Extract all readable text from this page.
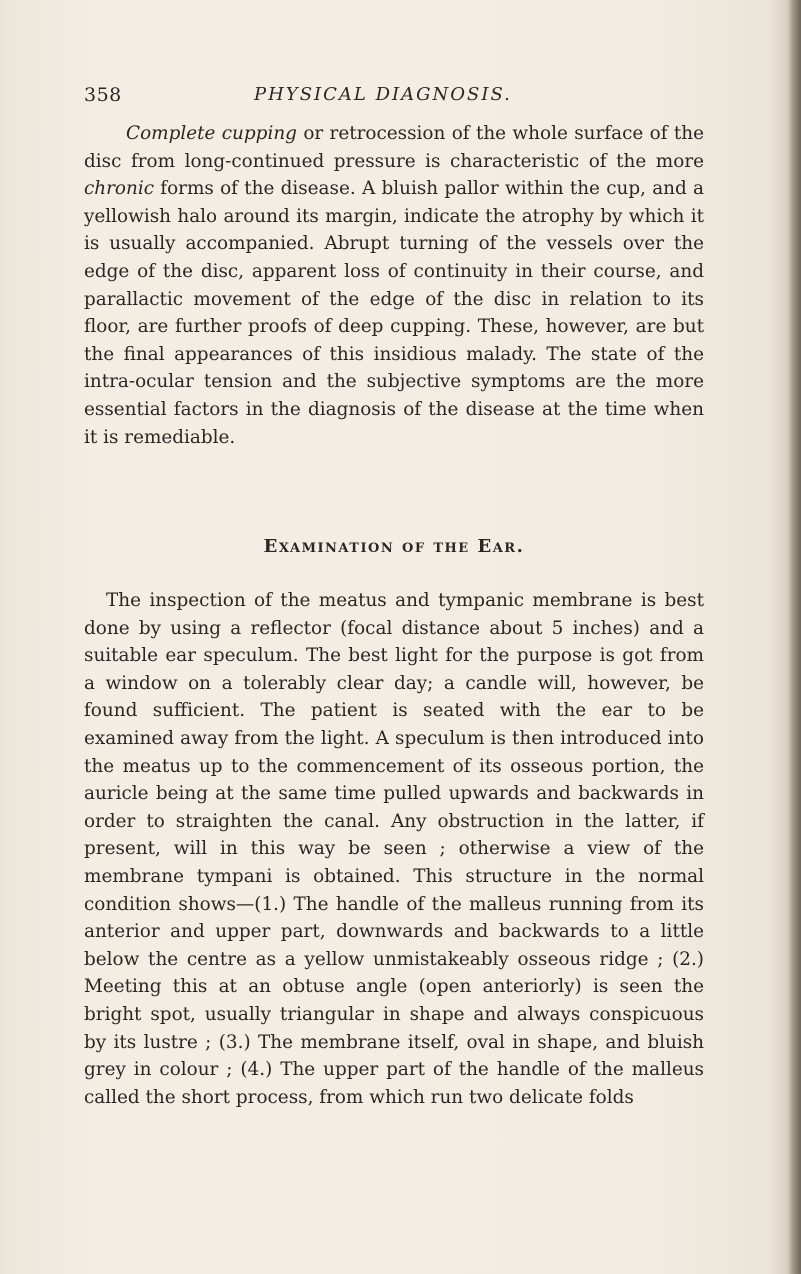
358	PHYSICAL DIAGNOSIS.

Complete cupping or retrocession of the whole surface of the disc from long-continued pressure is characteristic of the more chronic forms of the disease. A bluish pallor within the cup, and a yellowish halo around its margin, indicate the atrophy by which it is usually accompanied. Abrupt turning of the vessels over the edge of the disc, apparent loss of continuity in their course, and parallactic movement of the edge of the disc in relation to its floor, are further proofs of deep cupping. These, however, are but the final appearances of this insidious malady. The state of the intra-ocular tension and the subjective symptoms are the more essential factors in the diagnosis of the disease at the time when it is remediable.

Examination of the Ear.

The inspection of the meatus and tympanic membrane is best done by using a reflector (focal distance about 5 inches) and a suitable ear speculum. The best light for the purpose is got from a window on a tolerably clear day; a candle will, however, be found sufficient. The patient is seated with the ear to be examined away from the light. A speculum is then introduced into the meatus up to the commencement of its osseous portion, the auricle being at the same time pulled upwards and backwards in order to straighten the canal. Any obstruction in the latter, if present, will in this way be seen ; otherwise a view of the membrane tympani is obtained. This structure in the normal condition shows—(1.) The handle of the malleus running from its anterior and upper part, downwards and backwards to a little below the centre as a yellow unmistakeably osseous ridge ; (2.) Meeting this at an obtuse angle (open anteriorly) is seen the bright spot, usually triangular in shape and always conspicuous by its lustre ; (3.) The membrane itself, oval in shape, and bluish grey in colour ; (4.) The upper part of the handle of the malleus called the short process, from which run two delicate folds
